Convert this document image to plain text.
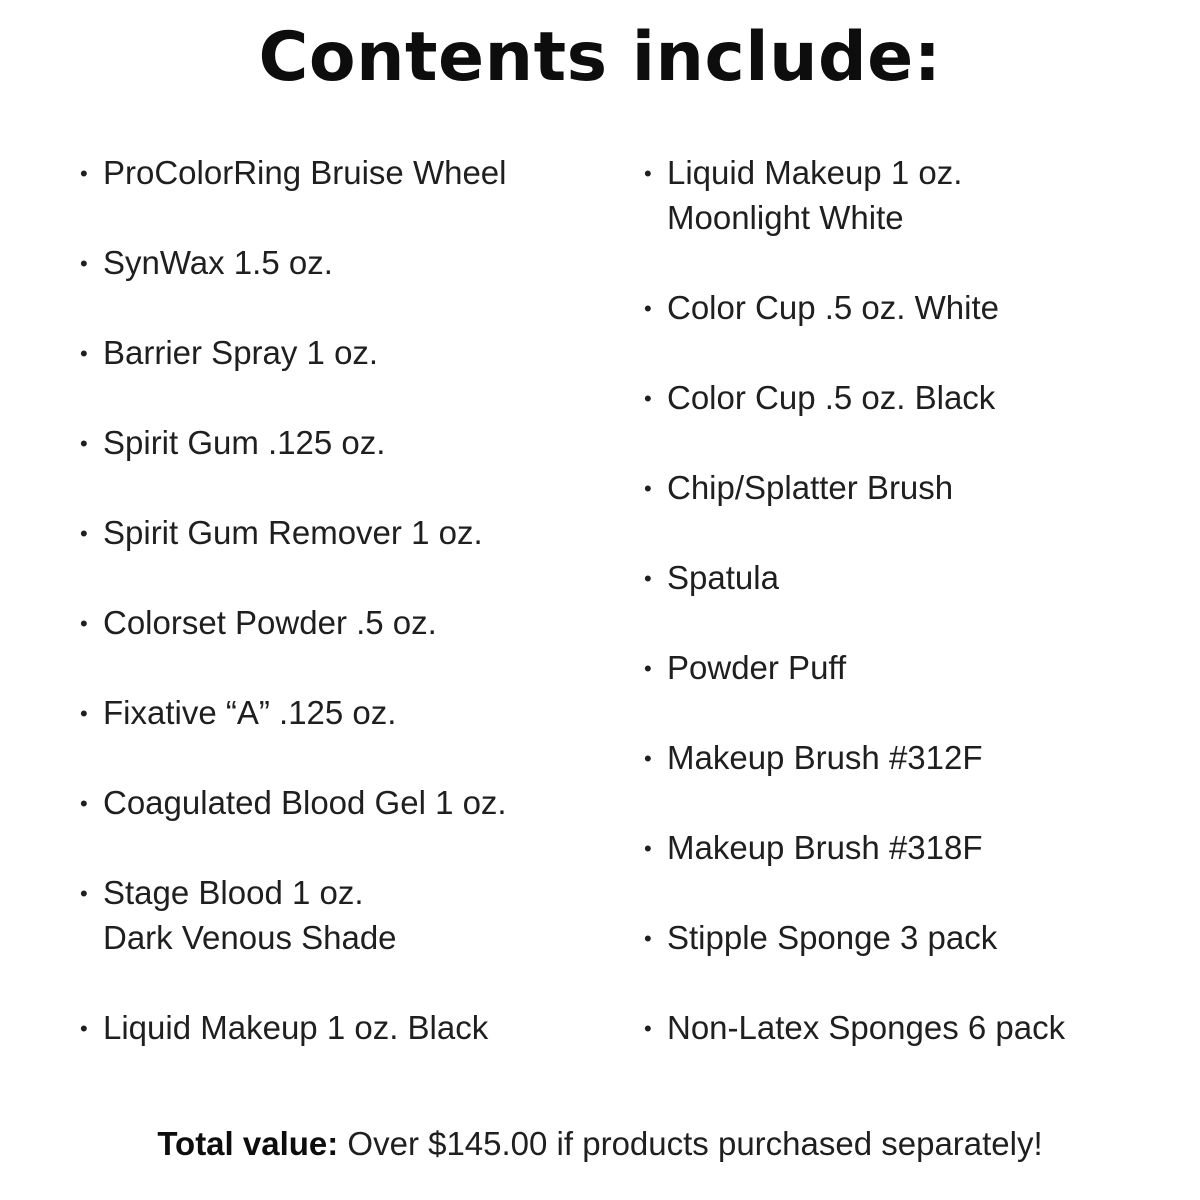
Contents include:
• ProColorRing Bruise Wheel
• SynWax 1.5 oz.
• Barrier Spray 1 oz.
• Spirit Gum .125 oz.
• Spirit Gum Remover 1 oz.
• Colorset Powder .5 oz.
• Fixative “A” .125 oz.
• Coagulated Blood Gel 1 oz.
• Stage Blood 1 oz.
Dark Venous Shade
• Liquid Makeup 1 oz. Black
• Liquid Makeup 1 oz.
Moonlight White
• Color Cup .5 oz. White
• Color Cup .5 oz. Black
• Chip/Splatter Brush
• Spatula
• Powder Puff
• Makeup Brush #312F
• Makeup Brush #318F
• Stipple Sponge 3 pack
• Non-Latex Sponges 6 pack
Total value: Over $145.00 if products purchased separately!
